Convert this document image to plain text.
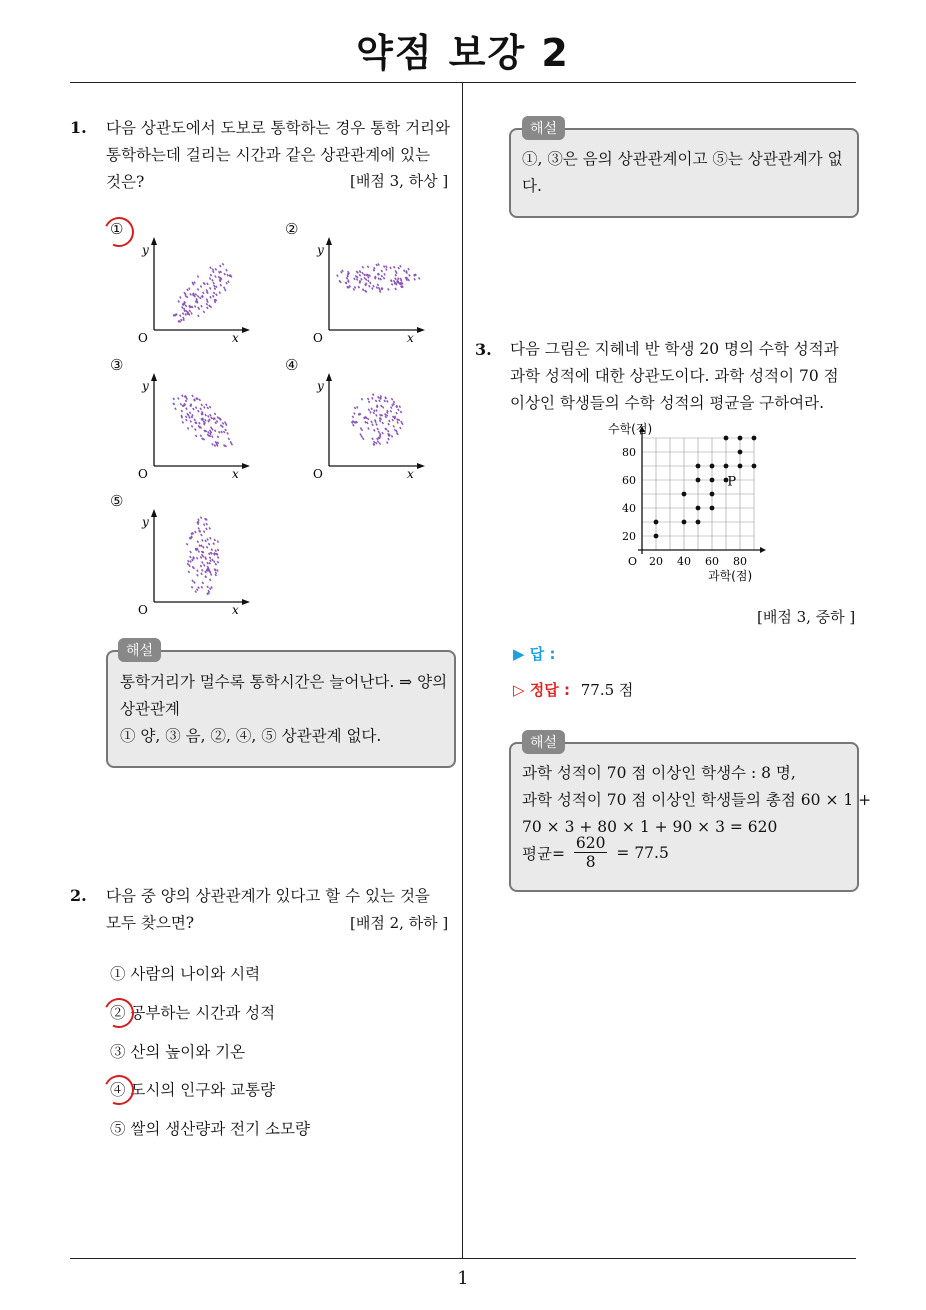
약점 보강 2
1
1. 다음 상관도에서 도보로 통학하는 경우 통학 거리와
통학하는데 걸리는 시간과 같은 상관관계에 있는
것은?	[배점 3, 하상 ]
①
y
x
O
②
y
x
O
③
y
x
O
④
y
x
O
⑤
y
x
O
해설
통학거리가 멀수록 통학시간은 늘어난다. ⇒ 양의
상관관계
① 양, ③ 음, ②, ④, ⑤ 상관관계 없다.
2. 다음 중 양의 상관관계가 있다고 할 수 있는 것을
모두 찾으면?	[배점 2, 하하 ]
① 사람의 나이와 시력
② 공부하는 시간과 성적
③ 산의 높이와 기온
④ 도시의 인구와 교통량
⑤ 쌀의 생산량과 전기 소모량
해설
①, ③은 음의 상관관계이고 ⑤는 상관관계가 없
다.
3. 다음 그림은 지헤네 반 학생 20 명의 수학 성적과
과학 성적에 대한 상관도이다. 과학 성적이 70 점
이상인 학생들의 수학 성적의 평균을 구하여라.
20 40 60 80
20
40
60
80
O
수학(점)
과학(점)
P
[배점 3, 중하 ]
▶ 답 :
▷ 정답 : 77.5 점
해설
과학 성적이 70 점 이상인 학생수 : 8 명,
과학 성적이 70 점 이상인 학생들의 총점 60 × 1 +
70 × 3 + 80 × 1 + 90 × 3 = 620
평균= $\frac{620}{8} = 77.5$
